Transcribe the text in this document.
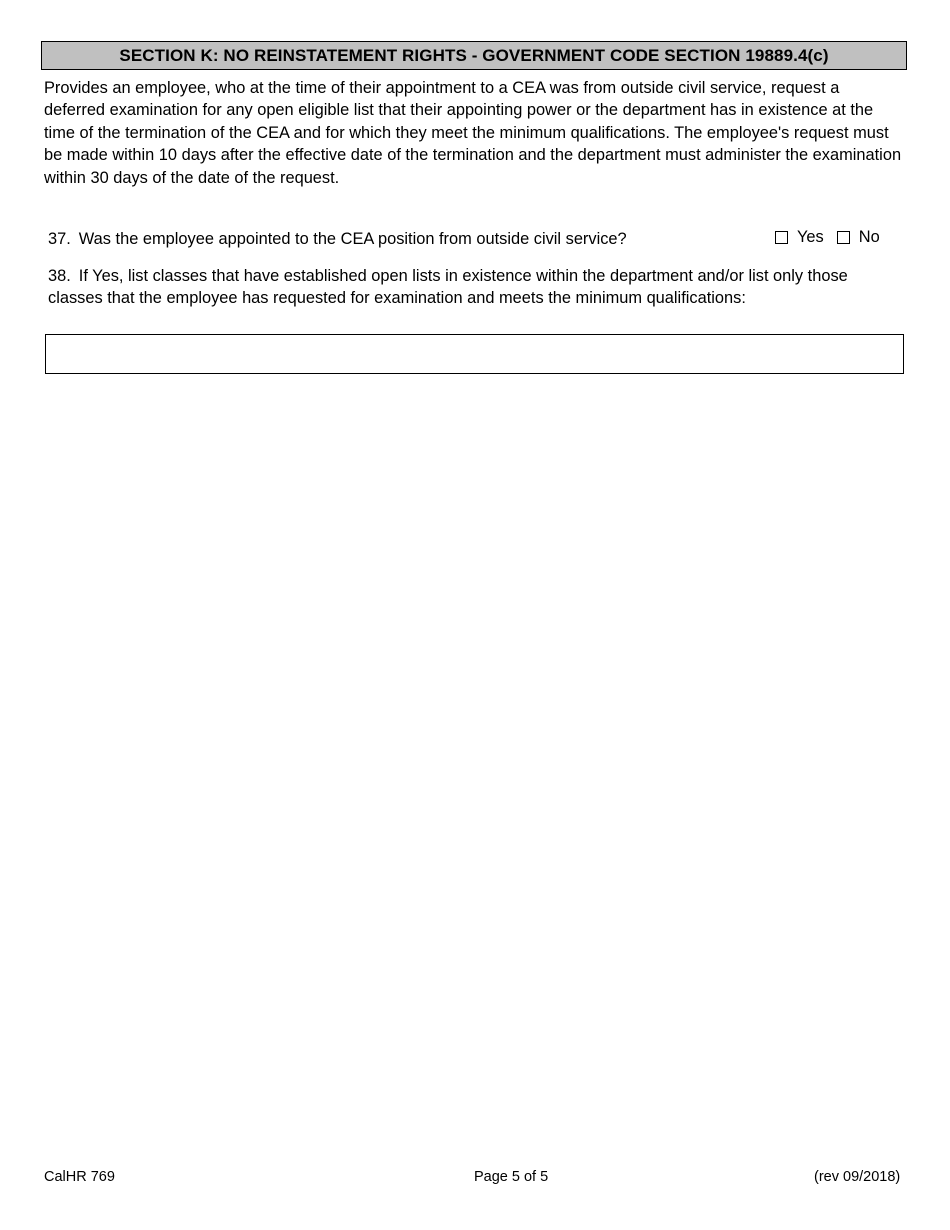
SECTION K: NO REINSTATEMENT RIGHTS - GOVERNMENT CODE SECTION 19889.4(c)
Provides an employee, who at the time of their appointment to a CEA was from outside civil service, request a deferred examination for any open eligible list that their appointing power or the department has in existence at the time of the termination of the CEA and for which they meet the minimum qualifications. The employee's request must be made within 10 days after the effective date of the termination and the department must administer the examination within 30 days of the date of the request.
37. Was the employee appointed to the CEA position from outside civil service?	Yes No
38. If Yes, list classes that have established open lists in existence within the department and/or list only those classes that the employee has requested for examination and meets the minimum qualifications:
CalHR 769	Page 5 of 5	(rev 09/2018)
